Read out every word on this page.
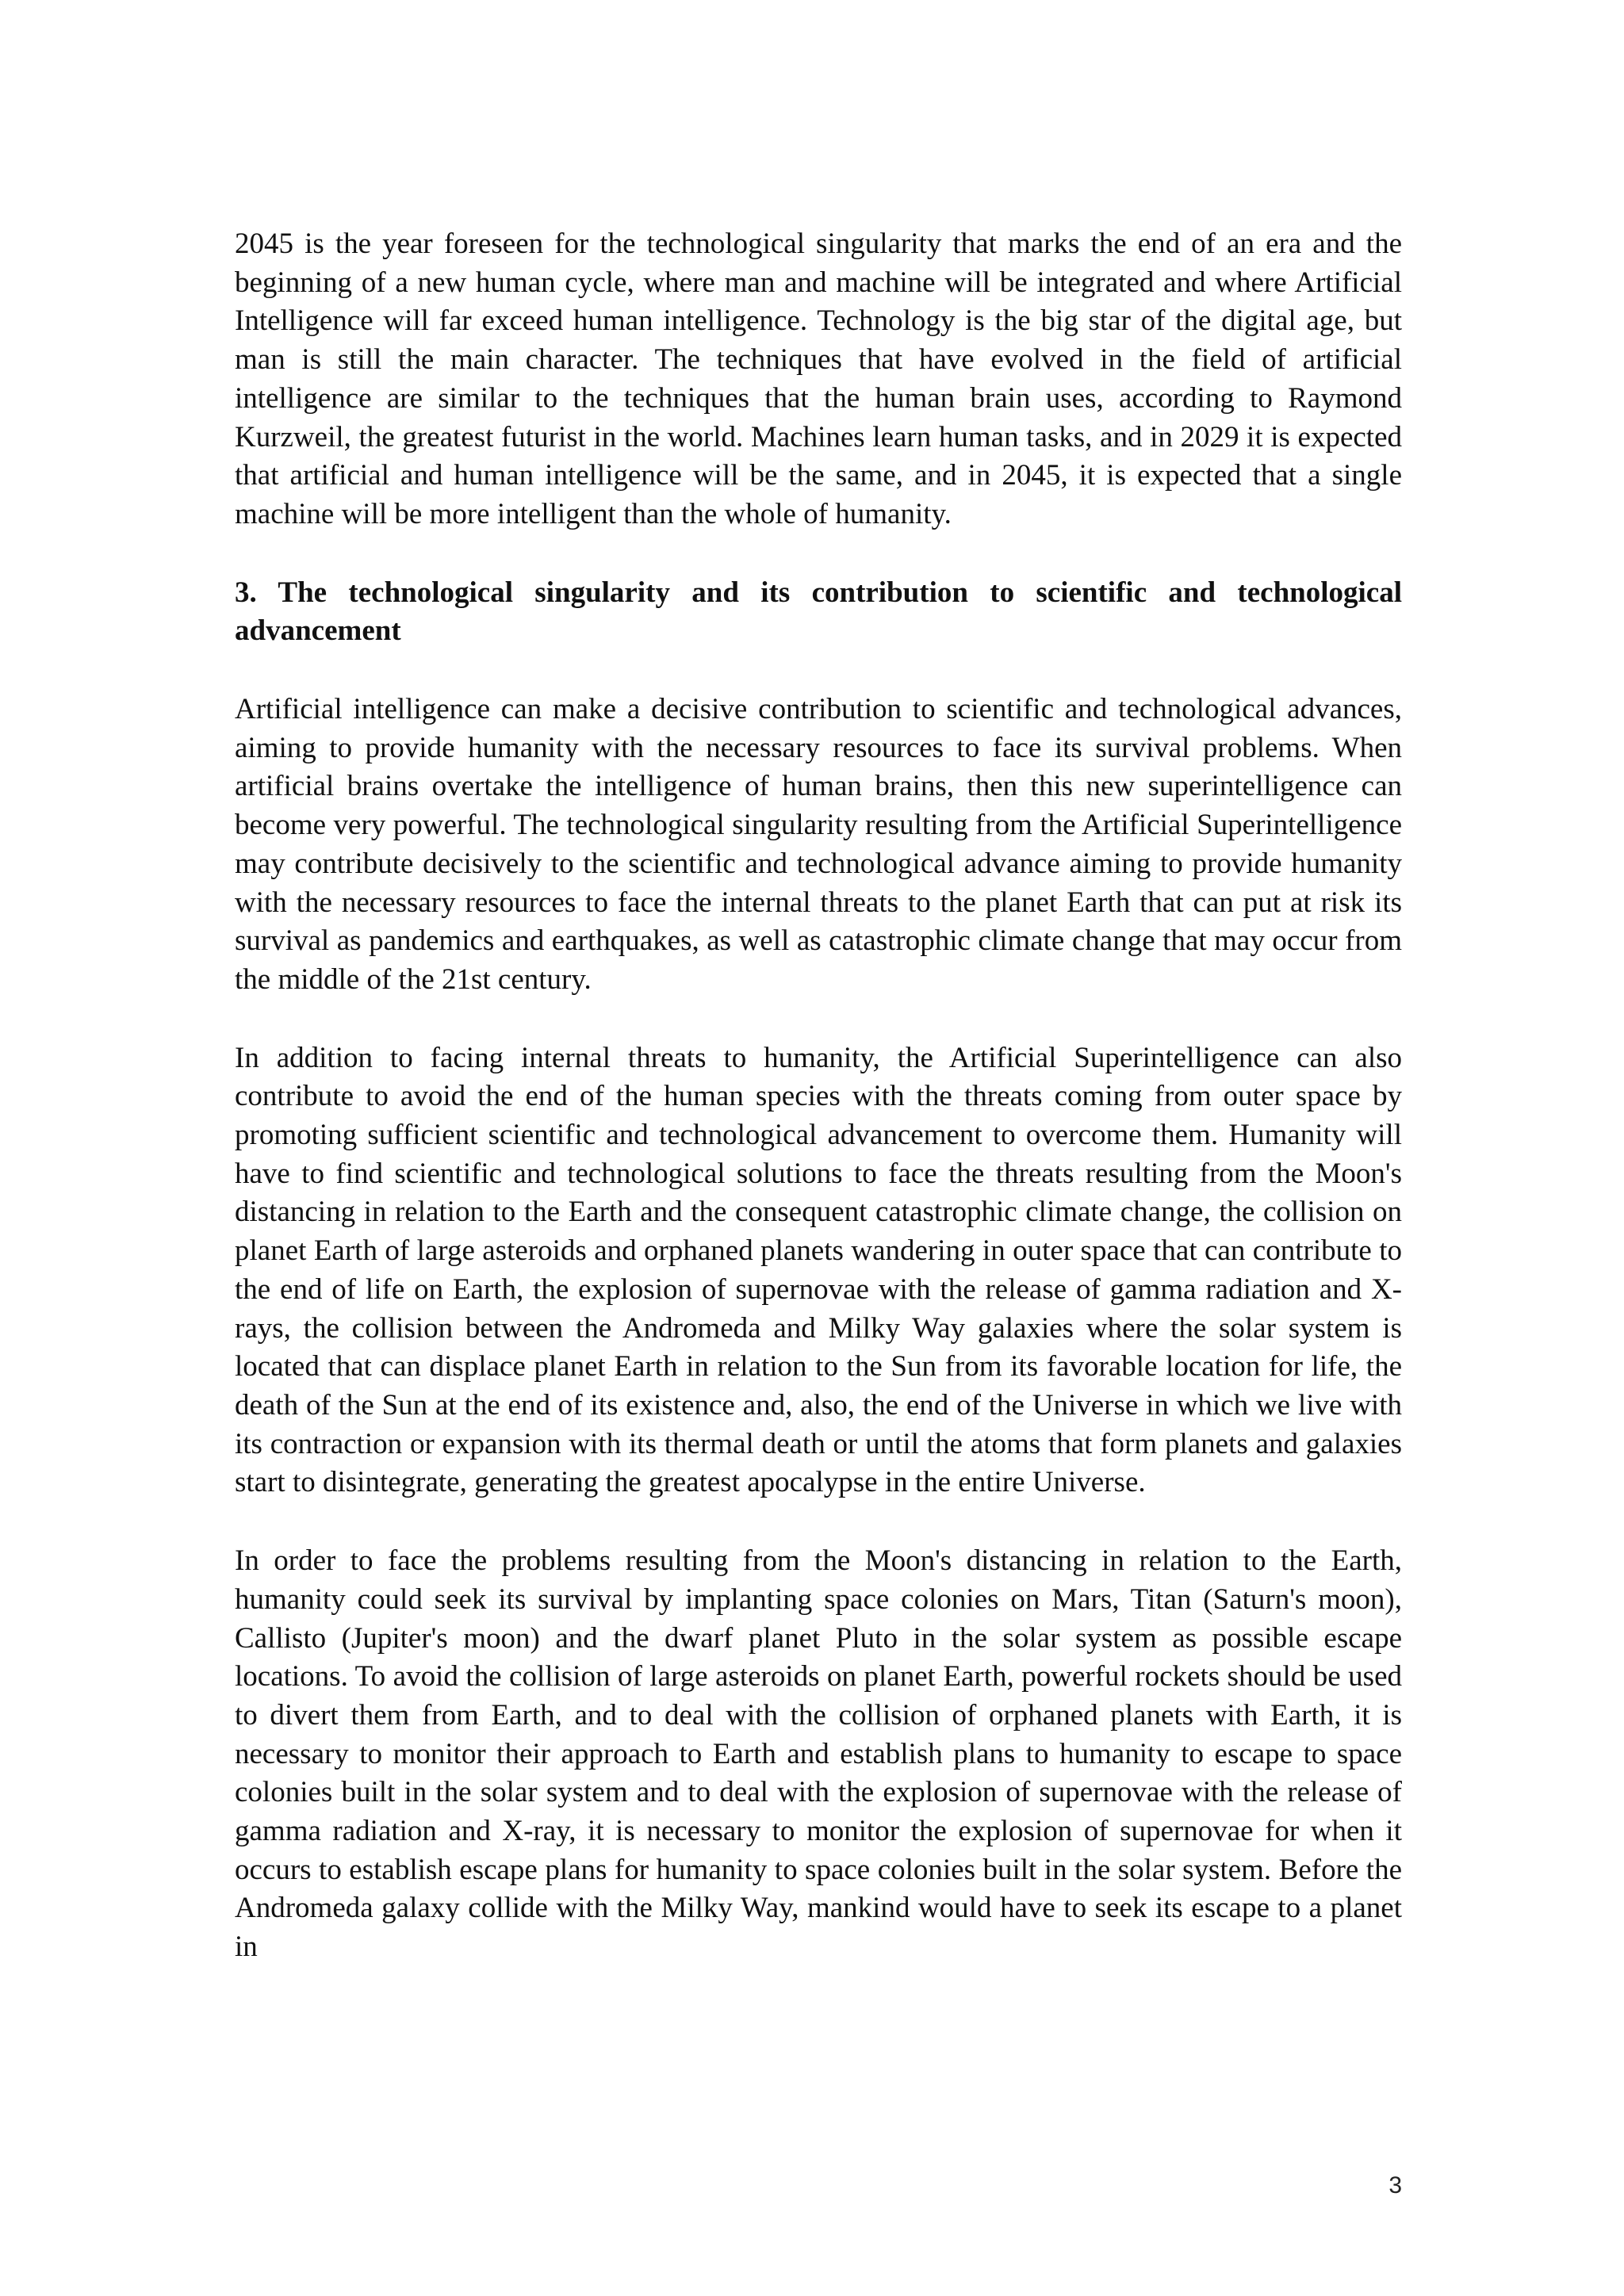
2045 is the year foreseen for the technological singularity that marks the end of an era and the beginning of a new human cycle, where man and machine will be integrated and where Artificial Intelligence will far exceed human intelligence. Technology is the big star of the digital age, but man is still the main character. The techniques that have evolved in the field of artificial intelligence are similar to the techniques that the human brain uses, according to Raymond Kurzweil, the greatest futurist in the world. Machines learn human tasks, and in 2029 it is expected that artificial and human intelligence will be the same, and in 2045, it is expected that a single machine will be more intelligent than the whole of humanity.

3. The technological singularity and its contribution to scientific and technological advancement

Artificial intelligence can make a decisive contribution to scientific and technological advances, aiming to provide humanity with the necessary resources to face its survival problems. When artificial brains overtake the intelligence of human brains, then this new superintelligence can become very powerful. The technological singularity resulting from the Artificial Superintelligence may contribute decisively to the scientific and technological advance aiming to provide humanity with the necessary resources to face the internal threats to the planet Earth that can put at risk its survival as pandemics and earthquakes, as well as catastrophic climate change that may occur from the middle of the 21st century.

In addition to facing internal threats to humanity, the Artificial Superintelligence can also contribute to avoid the end of the human species with the threats coming from outer space by promoting sufficient scientific and technological advancement to overcome them. Humanity will have to find scientific and technological solutions to face the threats resulting from the Moon's distancing in relation to the Earth and the consequent catastrophic climate change, the collision on planet Earth of large asteroids and orphaned planets wandering in outer space that can contribute to the end of life on Earth, the explosion of supernovae with the release of gamma radiation and X-rays, the collision between the Andromeda and Milky Way galaxies where the solar system is located that can displace planet Earth in relation to the Sun from its favorable location for life, the death of the Sun at the end of its existence and, also, the end of the Universe in which we live with its contraction or expansion with its thermal death or until the atoms that form planets and galaxies start to disintegrate, generating the greatest apocalypse in the entire Universe.

In order to face the problems resulting from the Moon's distancing in relation to the Earth, humanity could seek its survival by implanting space colonies on Mars, Titan (Saturn's moon), Callisto (Jupiter's moon) and the dwarf planet Pluto in the solar system as possible escape locations. To avoid the collision of large asteroids on planet Earth, powerful rockets should be used to divert them from Earth, and to deal with the collision of orphaned planets with Earth, it is necessary to monitor their approach to Earth and establish plans to humanity to escape to space colonies built in the solar system and to deal with the explosion of supernovae with the release of gamma radiation and X-ray, it is necessary to monitor the explosion of supernovae for when it occurs to establish escape plans for humanity to space colonies built in the solar system. Before the Andromeda galaxy collide with the Milky Way, mankind would have to seek its escape to a planet in

3
